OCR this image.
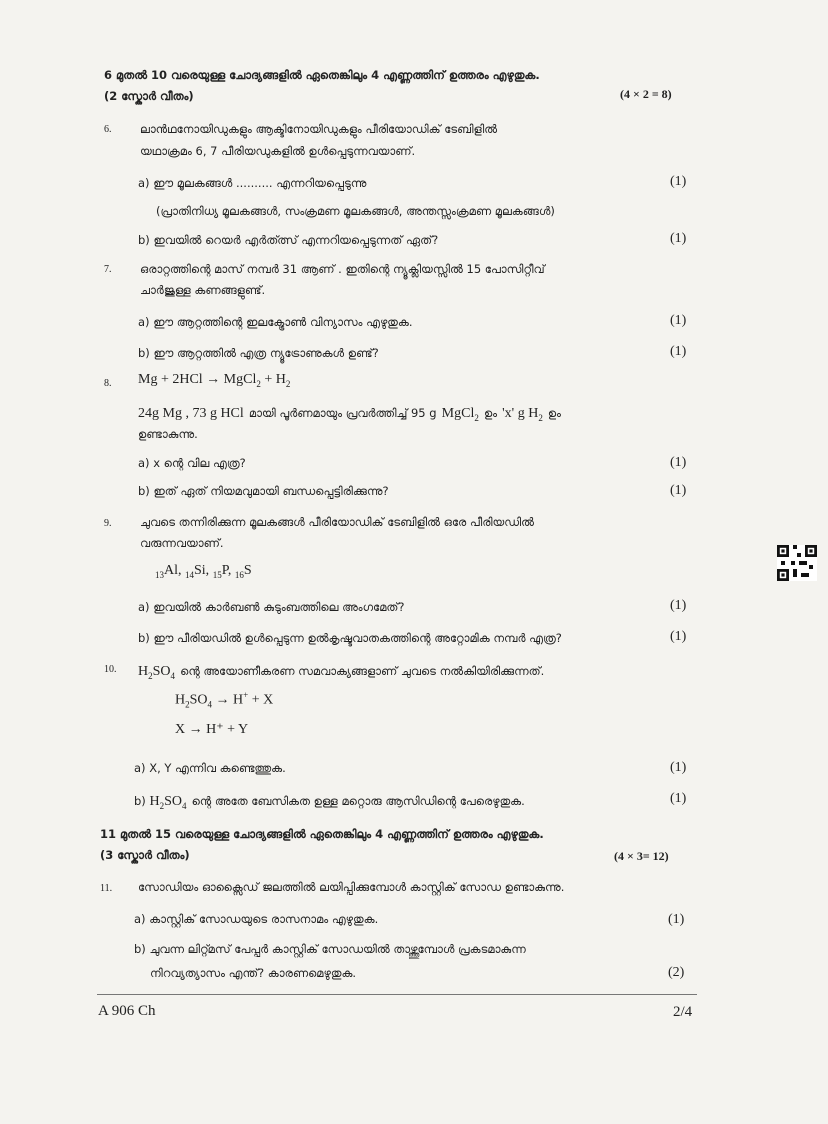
6 മുതൽ 10 വരെയുള്ള ചോദ്യങ്ങളിൽ ഏതെങ്കിലും 4 എണ്ണത്തിന് ഉത്തരം എഴുതുക.
(2 സ്കോർ വീതം)	(4 × 2 = 8)
6. ലാൻഥനോയിഡുകളും ആക്ടിനോയിഡുകളും പീരിയോഡിക് ടേബിളിൽ
യഥാക്രമം 6, 7 പീരിയഡുകളിൽ ഉൾപ്പെടുന്നവയാണ്.
a) ഈ മൂലകങ്ങൾ .......... എന്നറിയപ്പെടുന്നു	(1)
(പ്രാതിനിധ്യ മൂലകങ്ങൾ, സംക്രമണ മൂലകങ്ങൾ, അന്തസ്സംക്രമണ മൂലകങ്ങൾ)
b) ഇവയിൽ റെയർ എർത്ത്സ് എന്നറിയപ്പെടുന്നത് ഏത്?	(1)
7. ഒരാറ്റത്തിന്റെ മാസ് നമ്പർ 31 ആണ് . ഇതിന്റെ ന്യൂക്ലിയസ്സിൽ 15 പോസിറ്റീവ്
ചാർജുള്ള കണങ്ങളുണ്ട്.
a) ഈ ആറ്റത്തിന്റെ ഇലക്ട്രോൺ വിന്യാസം എഴുതുക.	(1)
b) ഈ ആറ്റത്തിൽ എത്ര ന്യൂട്രോണുകൾ ഉണ്ട്?	(1)
8. Mg + 2HCl → MgCl$_2$ + $H_2$
24g Mg , 73 g HCl മായി പൂർണമായും പ്രവർത്തിച്ച് 95 g MgCl$_2$ ഉം 'x' g $H_2$ ഉം
ഉണ്ടാകുന്നു.
a) x ന്റെ വില എത്ര?	(1)
b) ഇത് ഏത് നിയമവുമായി ബന്ധപ്പെട്ടിരിക്കുന്നു?	(1)
9. ചുവടെ തന്നിരിക്കുന്ന മൂലകങ്ങൾ പീരിയോഡിക് ടേബിളിൽ ഒരേ പീരിയഡിൽ
വരുന്നവയാണ്.
$_{13}$Al, $_{14}$Si, $_{15}$P, $_{16}$S
a) ഇവയിൽ കാർബൺ കുടുംബത്തിലെ അംഗമേത്?	(1)
b) ഈ പീരിയഡിൽ ഉൾപ്പെടുന്ന ഉൽകൃഷ്ടവാതകത്തിന്റെ അറ്റോമിക നമ്പർ എത്ര?	(1)
10. $H_2SO_4$ ന്റെ അയോണീകരണ സമവാക്യങ്ങളാണ് ചുവടെ നൽകിയിരിക്കുന്നത്.
$H_2SO_4 \to H^+ + X$
X → H⁺ + Y
a) X, Y എന്നിവ കണ്ടെത്തുക.	(1)
b) $H_2SO_4$ ന്റെ അതേ ബേസികത ഉള്ള മറ്റൊരു ആസിഡിന്റെ പേരെഴുതുക.	(1)
11 മുതൽ 15 വരെയുള്ള ചോദ്യങ്ങളിൽ ഏതെങ്കിലും 4 എണ്ണത്തിന് ഉത്തരം എഴുതുക.
(3 സ്കോർ വീതം)	(4 × 3= 12)
11. സോഡിയം ഓക്സൈഡ് ജലത്തിൽ ലയിപ്പിക്കുമ്പോൾ കാസ്റ്റിക് സോഡ ഉണ്ടാകുന്നു.
a) കാസ്റ്റിക് സോഡയുടെ രാസനാമം എഴുതുക.	(1)
b) ചുവന്ന ലിറ്റ്മസ് പേപ്പർ കാസ്റ്റിക് സോഡയിൽ താഴ്ത്തുമ്പോൾ പ്രകടമാകുന്ന
നിറവ്യത്യാസം എന്ത്? കാരണമെഴുതുക.	(2)
A 906 Ch	2/4
